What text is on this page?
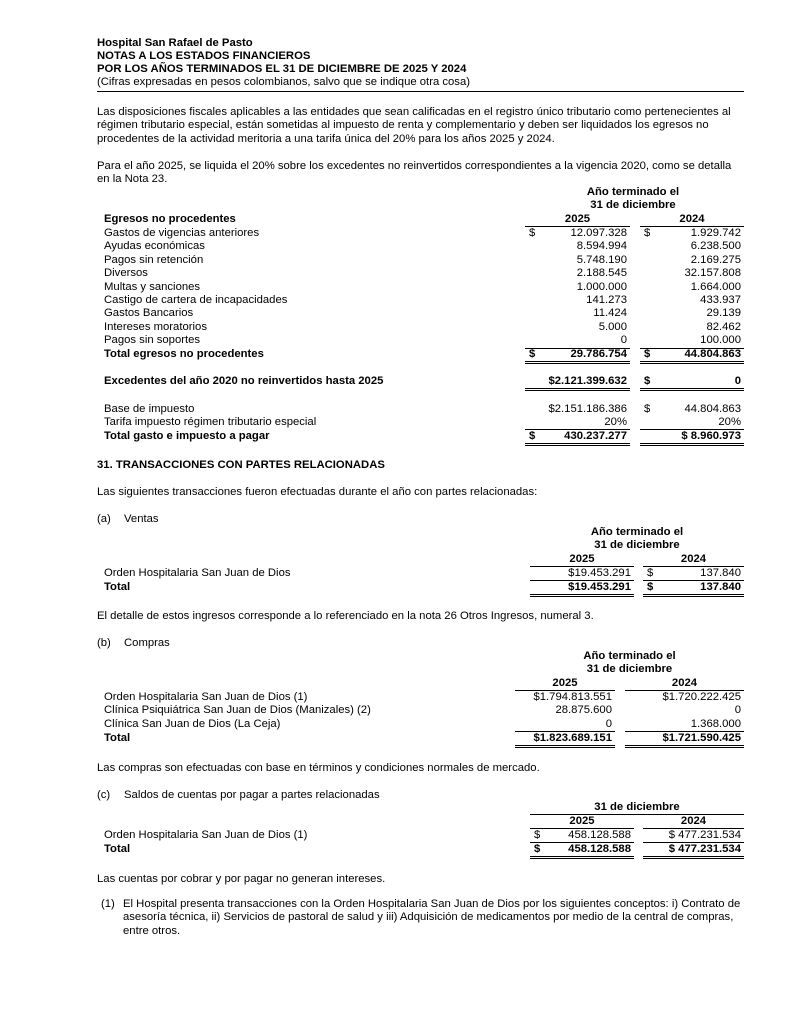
Hospital San Rafael de Pasto
NOTAS A LOS ESTADOS FINANCIEROS
POR LOS AÑOS TERMINADOS EL 31 DE DICIEMBRE DE 2025 Y 2024
(Cifras expresadas en pesos colombianos, salvo que se indique otra cosa)

Las disposiciones fiscales aplicables a las entidades que sean calificadas en el registro único tributario como pertenecientes al régimen tributario especial, están sometidas al impuesto de renta y complementario y deben ser liquidados los egresos no procedentes de la actividad meritoria a una tarifa única del 20% para los años 2025 y 2024.

Para el año 2025, se liquida el 20% sobre los excedentes no reinvertidos correspondientes a la vigencia 2020, como se detalla en la Nota 23.

Año terminado el
31 de diciembre
Egresos no procedentes	2025	2024
Gastos de vigencias anteriores	$	12.097.328 $	1.929.742
Ayudas económicas	8.594.994	6.238.500
Pagos sin retención	5.748.190	2.169.275
Diversos	2.188.545	32.157.808
Multas y sanciones	1.000.000	1.664.000
Castigo de cartera de incapacidades	141.273	433.937
Gastos Bancarios	11.424	29.139
Intereses moratorios	5.000	82.462
Pagos sin soportes	0	100.000
Total egresos no procedentes	$	29.786.754 $	44.804.863
Excedentes del año 2020 no reinvertidos hasta 2025	$2.121.399.632 $	0
Base de impuesto	$2.151.186.386 $	44.804.863
Tarifa impuesto régimen tributario especial	20%	20%
Total gasto e impuesto a pagar	$	430.237.277	$ 8.960.973
31. TRANSACCIONES CON PARTES RELACIONADAS

Las siguientes transacciones fueron efectuadas durante el año con partes relacionadas:

(a) Ventas
Año terminado el
31 de diciembre
2025	2024
Orden Hospitalaria San Juan de Dios	$19.453.291 $	137.840
Total	$19.453.291 $	137.840

El detalle de estos ingresos corresponde a lo referenciado en la nota 26 Otros Ingresos, numeral 3.

(b) Compras
Año terminado el
31 de diciembre
2025	2024
Orden Hospitalaria San Juan de Dios (1)	$1.794.813.551	$1.720.222.425
Clínica Psiquiátrica San Juan de Dios (Manizales) (2)	28.875.600	0
Clínica San Juan de Dios (La Ceja)	0	1.368.000
Total	$1.823.689.151	$1.721.590.425

Las compras son efectuadas con base en términos y condiciones normales de mercado.

(c) Saldos de cuentas por pagar a partes relacionadas
31 de diciembre
2025	2024
Orden Hospitalaria San Juan de Dios (1)	$ 458.128.588	$ 477.231.534
Total	$ 458.128.588	$ 477.231.534

Las cuentas por cobrar y por pagar no generan intereses.

(1) El Hospital presenta transacciones con la Orden Hospitalaria San Juan de Dios por los siguientes conceptos: i) Contrato de asesoría técnica, ii) Servicios de pastoral de salud y iii) Adquisición de medicamentos por medio de la central de compras, entre otros.
